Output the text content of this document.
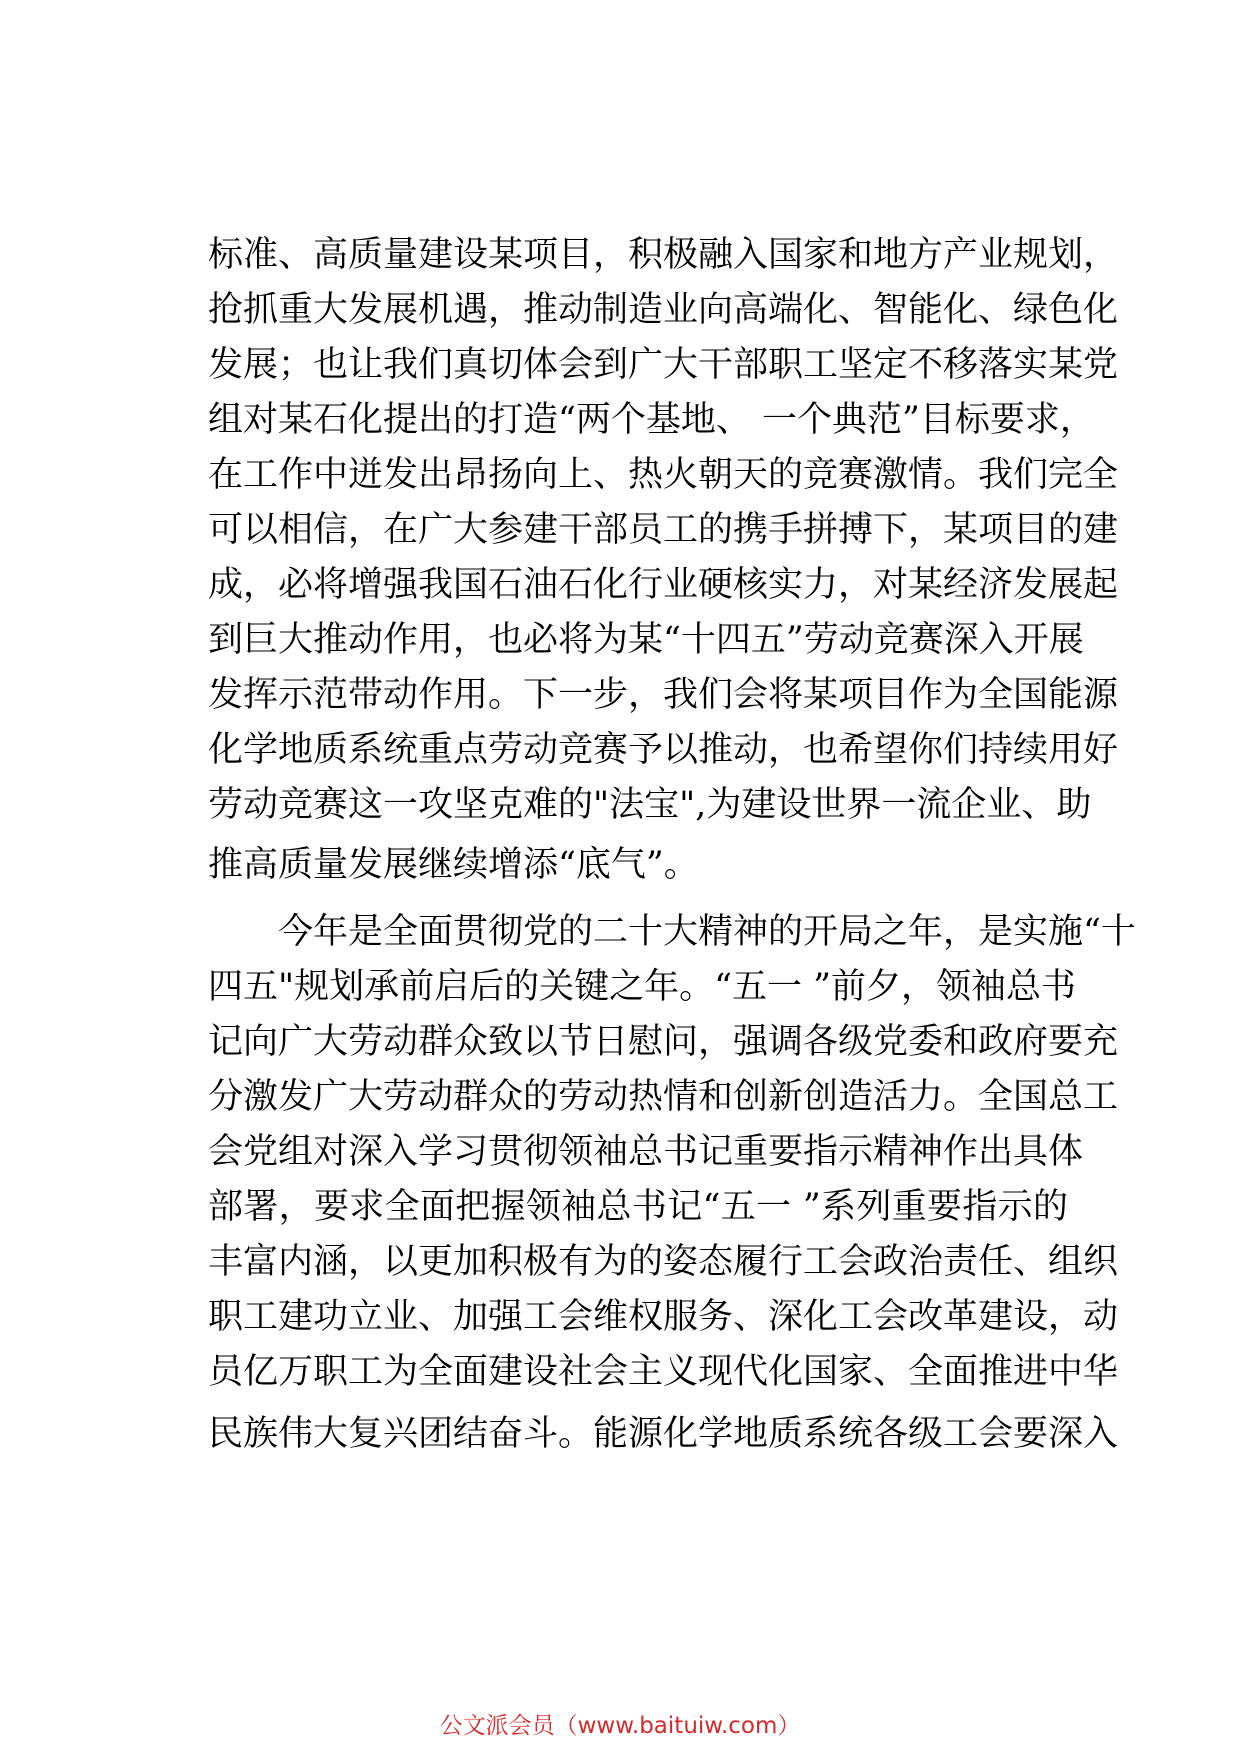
标准、高质量建设某项目，积极融入国家和地方产业规划，
抢抓重大发展机遇，推动制造业向高端化、智能化、绿色化
发展；也让我们真切体会到广大干部职工坚定不移落实某党
组对某石化提出的打造“两个基地、 一个典范”目标要求，
在工作中迸发出昂扬向上、热火朝天的竞赛激情。我们完全
可以相信，在广大参建干部员工的携手拼搏下，某项目的建
成，必将增强我国石油石化行业硬核实力，对某经济发展起
到巨大推动作用，也必将为某“十四五”劳动竞赛深入开展
发挥示范带动作用。下一步，我们会将某项目作为全国能源
化学地质系统重点劳动竞赛予以推动，也希望你们持续用好
劳动竞赛这一攻坚克难的"法宝",为建设世界一流企业、助
推高质量发展继续增添“底气”。
今年是全面贯彻党的二十大精神的开局之年，是实施“十
四五"规划承前启后的关键之年。“五一 ”前夕，领袖总书
记向广大劳动群众致以节日慰问，强调各级党委和政府要充
分激发广大劳动群众的劳动热情和创新创造活力。全国总工
会党组对深入学习贯彻领袖总书记重要指示精神作出具体
部署，要求全面把握领袖总书记“五一 ”系列重要指示的
丰富内涵，以更加积极有为的姿态履行工会政治责任、组织
职工建功立业、加强工会维权服务、深化工会改革建设，动
员亿万职工为全面建设社会主义现代化国家、全面推进中华
民族伟大复兴团结奋斗。能源化学地质系统各级工会要深入
公文派会员（www.baituiw.com）
